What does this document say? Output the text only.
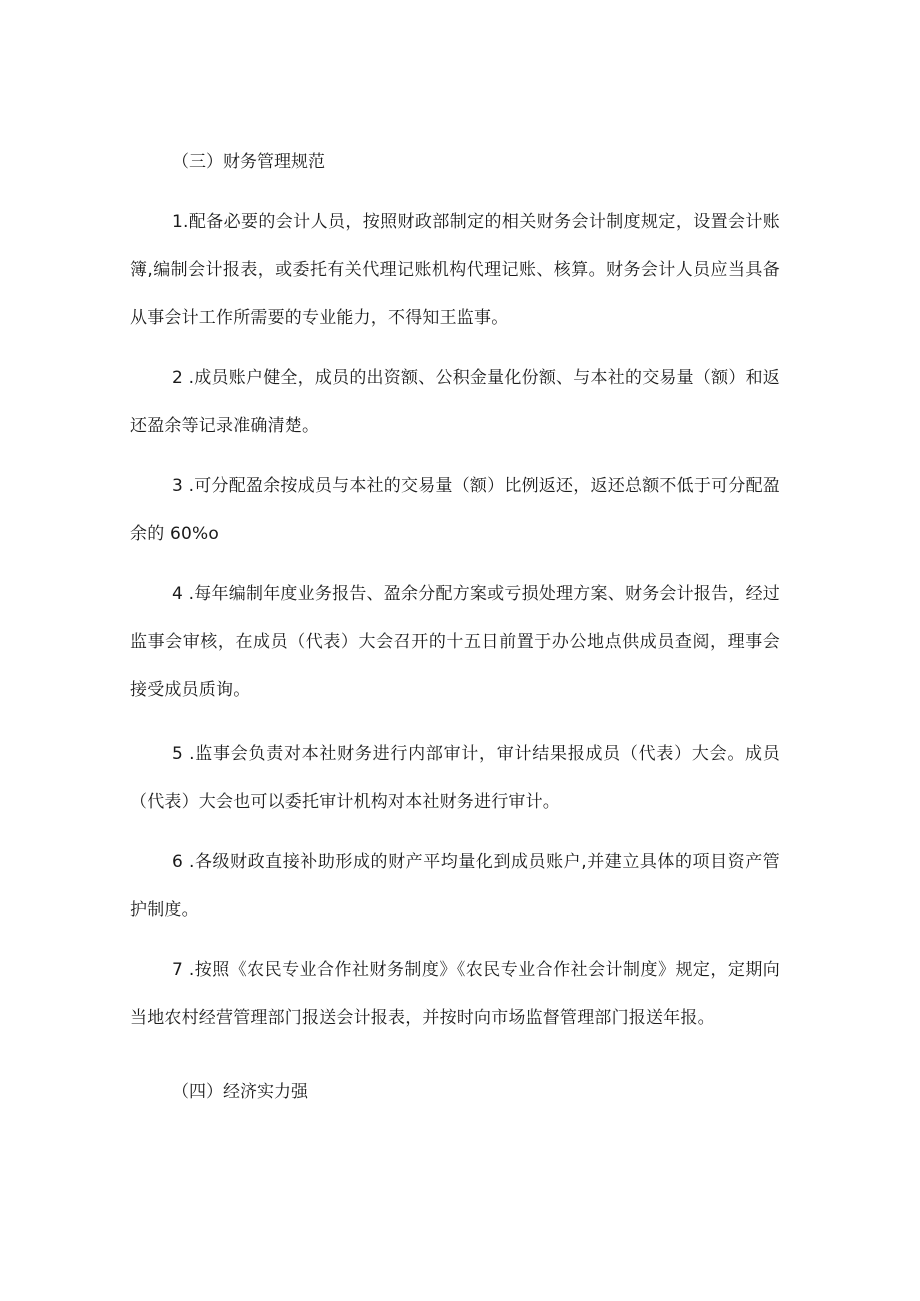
（三）财务管理规范

1.配备必要的会计人员，按照财政部制定的相关财务会计制度规定，设置会计账簿,编制会计报表，或委托有关代理记账机构代理记账、核算。财务会计人员应当具备从事会计工作所需要的专业能力，不得知王监事。

2 .成员账户健全，成员的出资额、公积金量化份额、与本社的交易量（额）和返还盈余等记录准确清楚。

3 .可分配盈余按成员与本社的交易量（额）比例返还，返还总额不低于可分配盈余的 60%o

4 .每年编制年度业务报告、盈余分配方案或亏损处理方案、财务会计报告，经过监事会审核，在成员（代表）大会召开的十五日前置于办公地点供成员查阅，理事会接受成员质询。

5 .监事会负责对本社财务进行内部审计，审计结果报成员（代表）大会。成员（代表）大会也可以委托审计机构对本社财务进行审计。

6 .各级财政直接补助形成的财产平均量化到成员账户,并建立具体的项目资产管护制度。

7 .按照《农民专业合作社财务制度》《农民专业合作社会计制度》规定，定期向当地农村经营管理部门报送会计报表，并按时向市场监督管理部门报送年报。

（四）经济实力强
